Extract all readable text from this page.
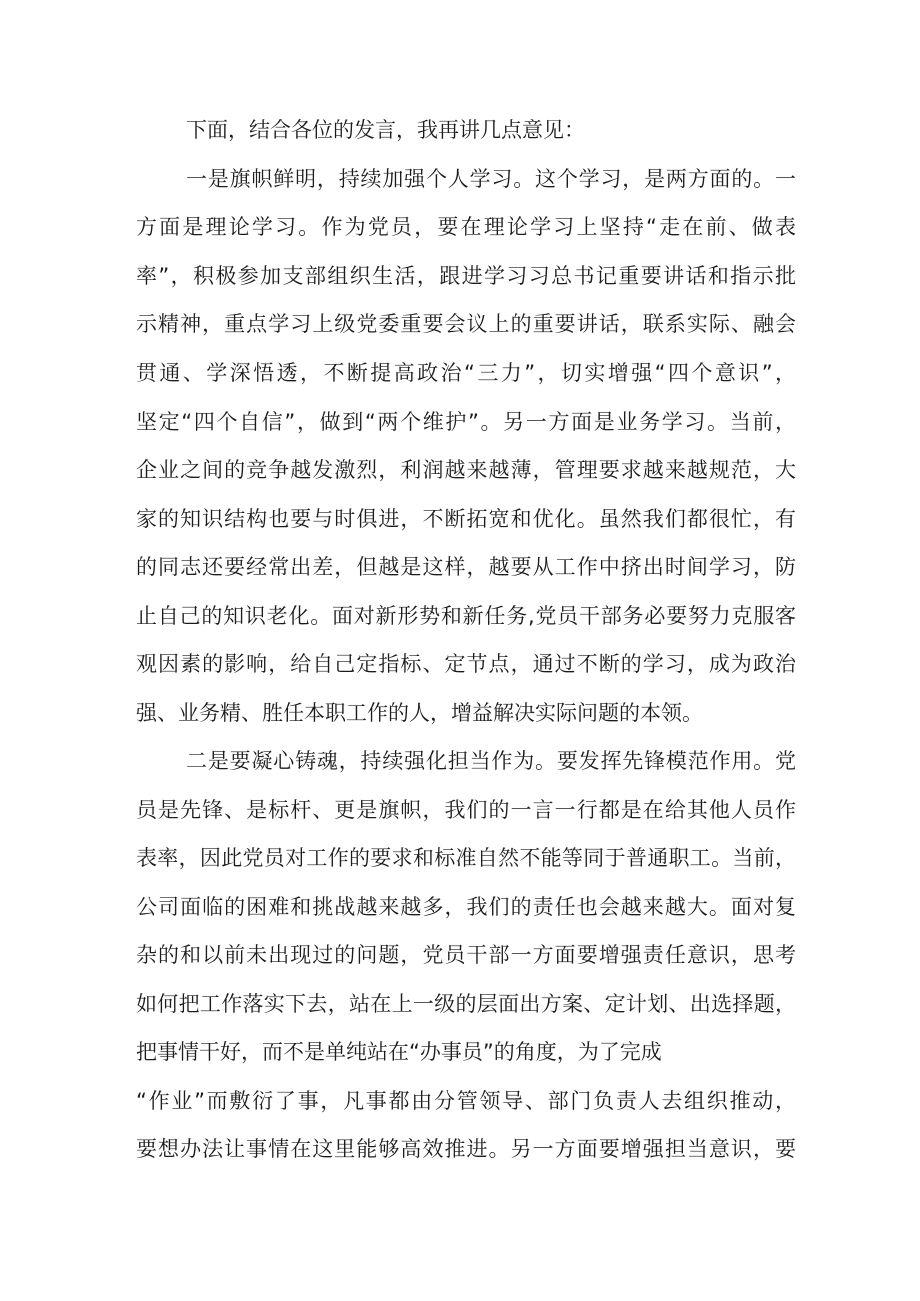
下面，结合各位的发言，我再讲几点意见：
一是旗帜鲜明，持续加强个人学习。这个学习，是两方面的。一
方面是理论学习。作为党员，要在理论学习上坚持“走在前、做表
率”，积极参加支部组织生活，跟进学习习总书记重要讲话和指示批
示精神，重点学习上级党委重要会议上的重要讲话，联系实际、融会
贯通、学深悟透，不断提高政治“三力”，切实增强“四个意识”，
坚定“四个自信”，做到“两个维护”。另一方面是业务学习。当前，
企业之间的竞争越发激烈，利润越来越薄，管理要求越来越规范，大
家的知识结构也要与时俱进，不断拓宽和优化。虽然我们都很忙，有
的同志还要经常出差，但越是这样，越要从工作中挤出时间学习，防
止自己的知识老化。面对新形势和新任务,党员干部务必要努力克服客
观因素的影响，给自己定指标、定节点，通过不断的学习，成为政治
强、业务精、胜任本职工作的人，增益解决实际问题的本领。
二是要凝心铸魂，持续强化担当作为。要发挥先锋模范作用。党
员是先锋、是标杆、更是旗帜，我们的一言一行都是在给其他人员作
表率，因此党员对工作的要求和标准自然不能等同于普通职工。当前，
公司面临的困难和挑战越来越多，我们的责任也会越来越大。面对复
杂的和以前未出现过的问题，党员干部一方面要增强责任意识，思考
如何把工作落实下去，站在上一级的层面出方案、定计划、出选择题，
把事情干好，而不是单纯站在“办事员”的角度，为了完成
“作业”而敷衍了事，凡事都由分管领导、部门负责人去组织推动，
要想办法让事情在这里能够高效推进。另一方面要增强担当意识，要
